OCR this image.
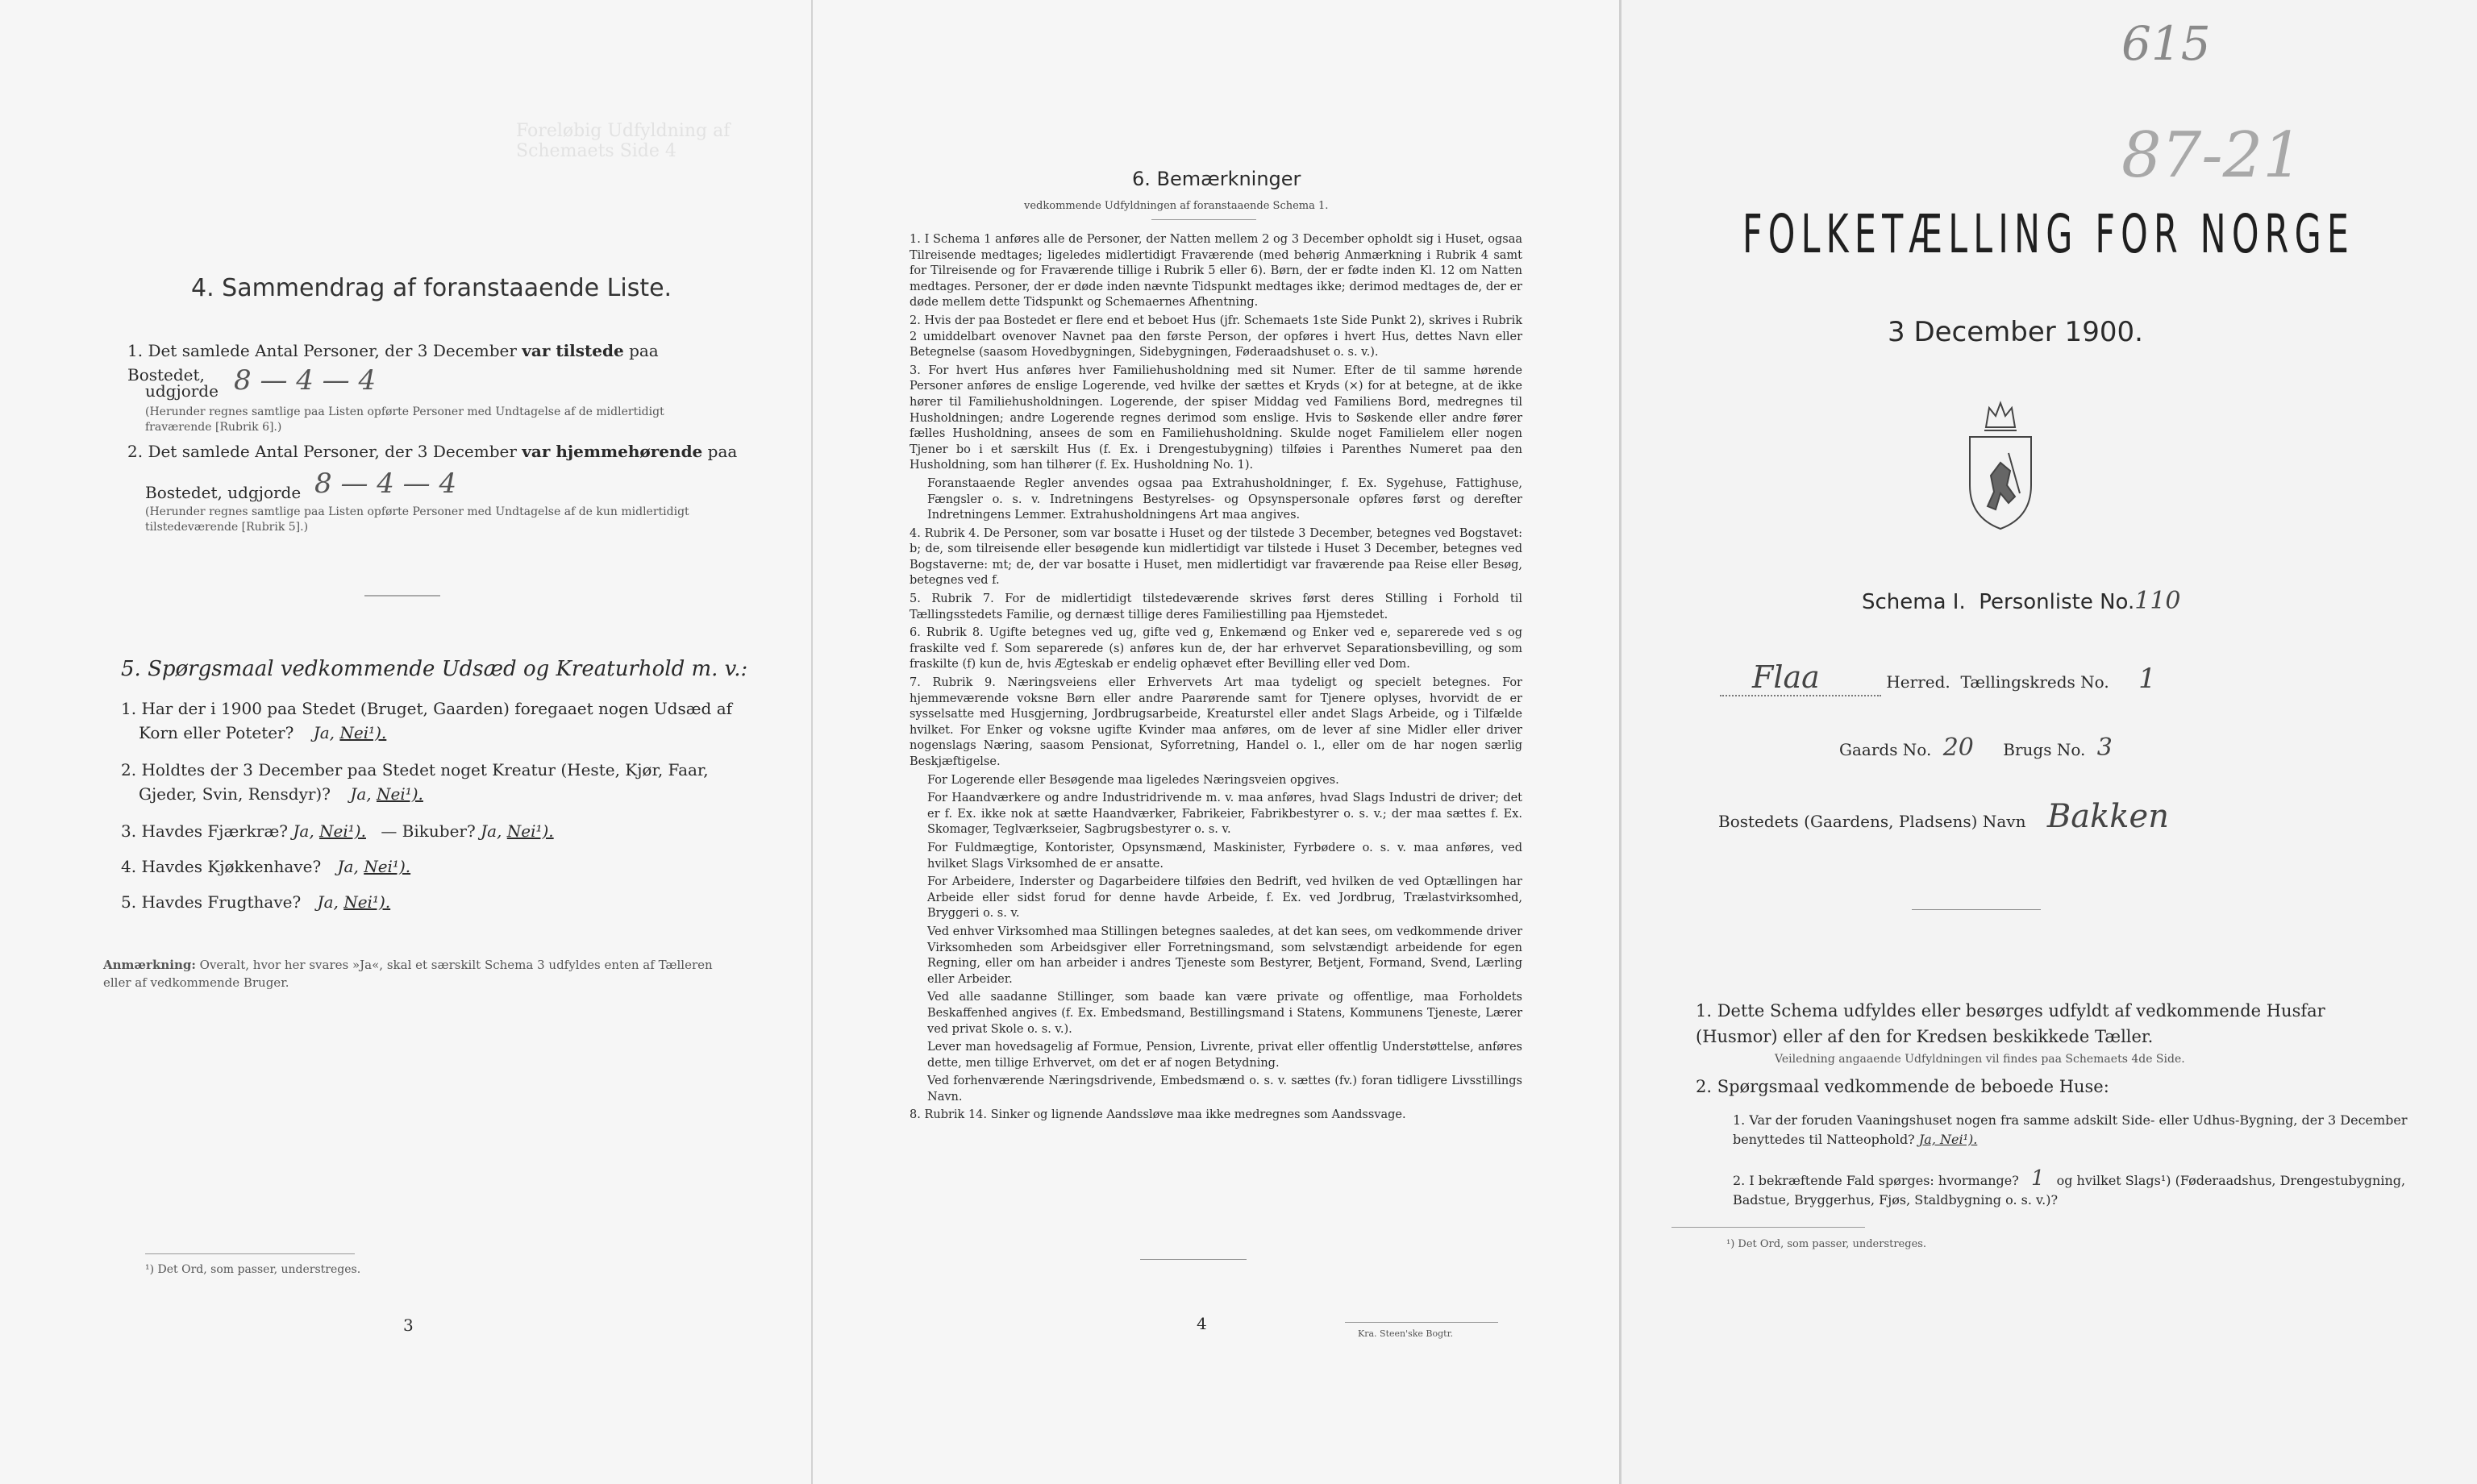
Foreløbig Udfyldning af Schemaets Side 4
4. Sammendrag af foranstaaende Liste.
1. Det samlede Antal Personer, der 3 December var tilstede paa Bostedet,
udgjorde 8 — 4 — 4
(Herunder regnes samtlige paa Listen opførte Personer med Undtagelse af de midlertidigt fraværende [Rubrik 6].)
2. Det samlede Antal Personer, der 3 December var hjemmehørende paa
Bostedet, udgjorde 8 — 4 — 4
(Herunder regnes samtlige paa Listen opførte Personer med Undtagelse af de kun midlertidigt tilstedeværende [Rubrik 5].)
5. Spørgsmaal vedkommende Udsæd og Kreaturhold m. v.:
1. Har der i 1900 paa Stedet (Bruget, Gaarden) foregaaet nogen Udsæd af
Korn eller Poteter? Ja, Nei¹).
2. Holdtes der 3 December paa Stedet noget Kreatur (Heste, Kjør, Faar,
Gjeder, Svin, Rensdyr)? Ja, Nei¹).
3. Havdes Fjærkræ? Ja, Nei¹). — Bikuber? Ja, Nei¹).
4. Havdes Kjøkkenhave? Ja, Nei¹).
5. Havdes Frugthave? Ja, Nei¹).
Anmærkning: Overalt, hvor her svares »Ja«, skal et særskilt Schema 3 udfyldes enten af Tælleren eller af vedkommende Bruger.
¹) Det Ord, som passer, understreges.
3
6. Bemærkninger
vedkommende Udfyldningen af foranstaaende Schema 1.

1. I Schema 1 anføres alle de Personer, der Natten mellem 2 og 3 December opholdt sig i Huset, ogsaa Tilreisende medtages; ligeledes midlertidigt Fraværende (med behørig Anmærkning i Rubrik 4 samt for Tilreisende og for Fraværende tillige i Rubrik 5 eller 6). Børn, der er fødte inden Kl. 12 om Natten medtages. Personer, der er døde inden nævnte Tidspunkt medtages ikke; derimod medtages de, der er døde mellem dette Tidspunkt og Schemaernes Afhentning.

2. Hvis der paa Bostedet er flere end et beboet Hus (jfr. Schemaets 1ste Side Punkt 2), skrives i Rubrik 2 umiddelbart ovenover Navnet paa den første Person, der opføres i hvert Hus, dettes Navn eller Betegnelse (saasom Hovedbygningen, Sidebygningen, Føderaadshuset o. s. v.).

3. For hvert Hus anføres hver Familiehusholdning med sit Numer. Efter de til samme hørende Personer anføres de enslige Logerende, ved hvilke der sættes et Kryds (×) for at betegne, at de ikke hører til Familiehusholdningen. Logerende, der spiser Middag ved Familiens Bord, medregnes til Husholdningen; andre Logerende regnes derimod som enslige. Hvis to Søskende eller andre fører fælles Husholdning, ansees de som en Familiehusholdning. Skulde noget Familielem eller nogen Tjener bo i et særskilt Hus (f. Ex. i Drengestubygning) tilføies i Parenthes Numeret paa den Husholdning, som han tilhører (f. Ex. Husholdning No. 1).

Foranstaaende Regler anvendes ogsaa paa Extrahusholdninger, f. Ex. Sygehuse, Fattighuse, Fængsler o. s. v. Indretningens Bestyrelses- og Opsynspersonale opføres først og derefter Indretningens Lemmer. Extrahusholdningens Art maa angives.

4. Rubrik 4. De Personer, som var bosatte i Huset og der tilstede 3 December, betegnes ved Bogstavet: b; de, som tilreisende eller besøgende kun midlertidigt var tilstede i Huset 3 December, betegnes ved Bogstaverne: mt; de, der var bosatte i Huset, men midlertidigt var fraværende paa Reise eller Besøg, betegnes ved f.

5. Rubrik 7. For de midlertidigt tilstedeværende skrives først deres Stilling i Forhold til Tællingsstedets Familie, og dernæst tillige deres Familiestilling paa Hjemstedet.

6. Rubrik 8. Ugifte betegnes ved ug, gifte ved g, Enkemænd og Enker ved e, separerede ved s og fraskilte ved f. Som separerede (s) anføres kun de, der har erhvervet Separationsbevilling, og som fraskilte (f) kun de, hvis Ægteskab er endelig ophævet efter Bevilling eller ved Dom.

7. Rubrik 9. Næringsveiens eller Erhvervets Art maa tydeligt og specielt betegnes. For hjemmeværende voksne Børn eller andre Paarørende samt for Tjenere oplyses, hvorvidt de er sysselsatte med Husgjerning, Jordbrugsarbeide, Kreaturstel eller andet Slags Arbeide, og i Tilfælde hvilket. For Enker og voksne ugifte Kvinder maa anføres, om de lever af sine Midler eller driver nogenslags Næring, saasom Pensionat, Syforretning, Handel o. l., eller om de har nogen særlig Beskjæftigelse.

For Logerende eller Besøgende maa ligeledes Næringsveien opgives.

For Haandværkere og andre Industridrivende m. v. maa anføres, hvad Slags Industri de driver; det er f. Ex. ikke nok at sætte Haandværker, Fabrikeier, Fabrikbestyrer o. s. v.; der maa sættes f. Ex. Skomager, Teglværkseier, Sagbrugsbestyrer o. s. v.

For Fuldmægtige, Kontorister, Opsynsmænd, Maskinister, Fyrbødere o. s. v. maa anføres, ved hvilket Slags Virksomhed de er ansatte.

For Arbeidere, Inderster og Dagarbeidere tilføies den Bedrift, ved hvilken de ved Optællingen har Arbeide eller sidst forud for denne havde Arbeide, f. Ex. ved Jordbrug, Trælastvirksomhed, Bryggeri o. s. v.

Ved enhver Virksomhed maa Stillingen betegnes saaledes, at det kan sees, om vedkommende driver Virksomheden som Arbeidsgiver eller Forretningsmand, som selvstændigt arbeidende for egen Regning, eller om han arbeider i andres Tjeneste som Bestyrer, Betjent, Formand, Svend, Lærling eller Arbeider.

Ved alle saadanne Stillinger, som baade kan være private og offentlige, maa Forholdets Beskaffenhed angives (f. Ex. Embedsmand, Bestillingsmand i Statens, Kommunens Tjeneste, Lærer ved privat Skole o. s. v.).

Lever man hovedsagelig af Formue, Pension, Livrente, privat eller offentlig Understøttelse, anføres dette, men tillige Erhvervet, om det er af nogen Betydning.

Ved forhenværende Næringsdrivende, Embedsmænd o. s. v. sættes (fv.) foran tidligere Livsstillings Navn.

8. Rubrik 14. Sinker og lignende Aandssløve maa ikke medregnes som Aandssvage.

4
Kra. Steen'ske Bogtr.
615
87-21
FOLKETÆLLING FOR NORGE
3 December 1900.
Schema I. Personliste No.110
Flaa	Herred. Tællingskreds No. 1
Gaards No. 20 Brugs No. 3
Bostedets (Gaardens, Pladsens) Navn Bakken
1. Dette Schema udfyldes eller besørges udfyldt af vedkommende Husfar (Husmor) eller af den for Kredsen beskikkede Tæller.
Veiledning angaaende Udfyldningen vil findes paa Schemaets 4de Side.
2. Spørgsmaal vedkommende de beboede Huse:
1. Var der foruden Vaaningshuset nogen fra samme adskilt Side- eller Udhus-Bygning, der 3 December benyttedes til Natteophold? Ja, Nei¹).
2. I bekræftende Fald spørges: hvormange? 1 og hvilket Slags¹) (Føderaadshus, Drengestubygning, Badstue, Bryggerhus, Fjøs, Staldbygning o. s. v.)?
¹) Det Ord, som passer, understreges.
